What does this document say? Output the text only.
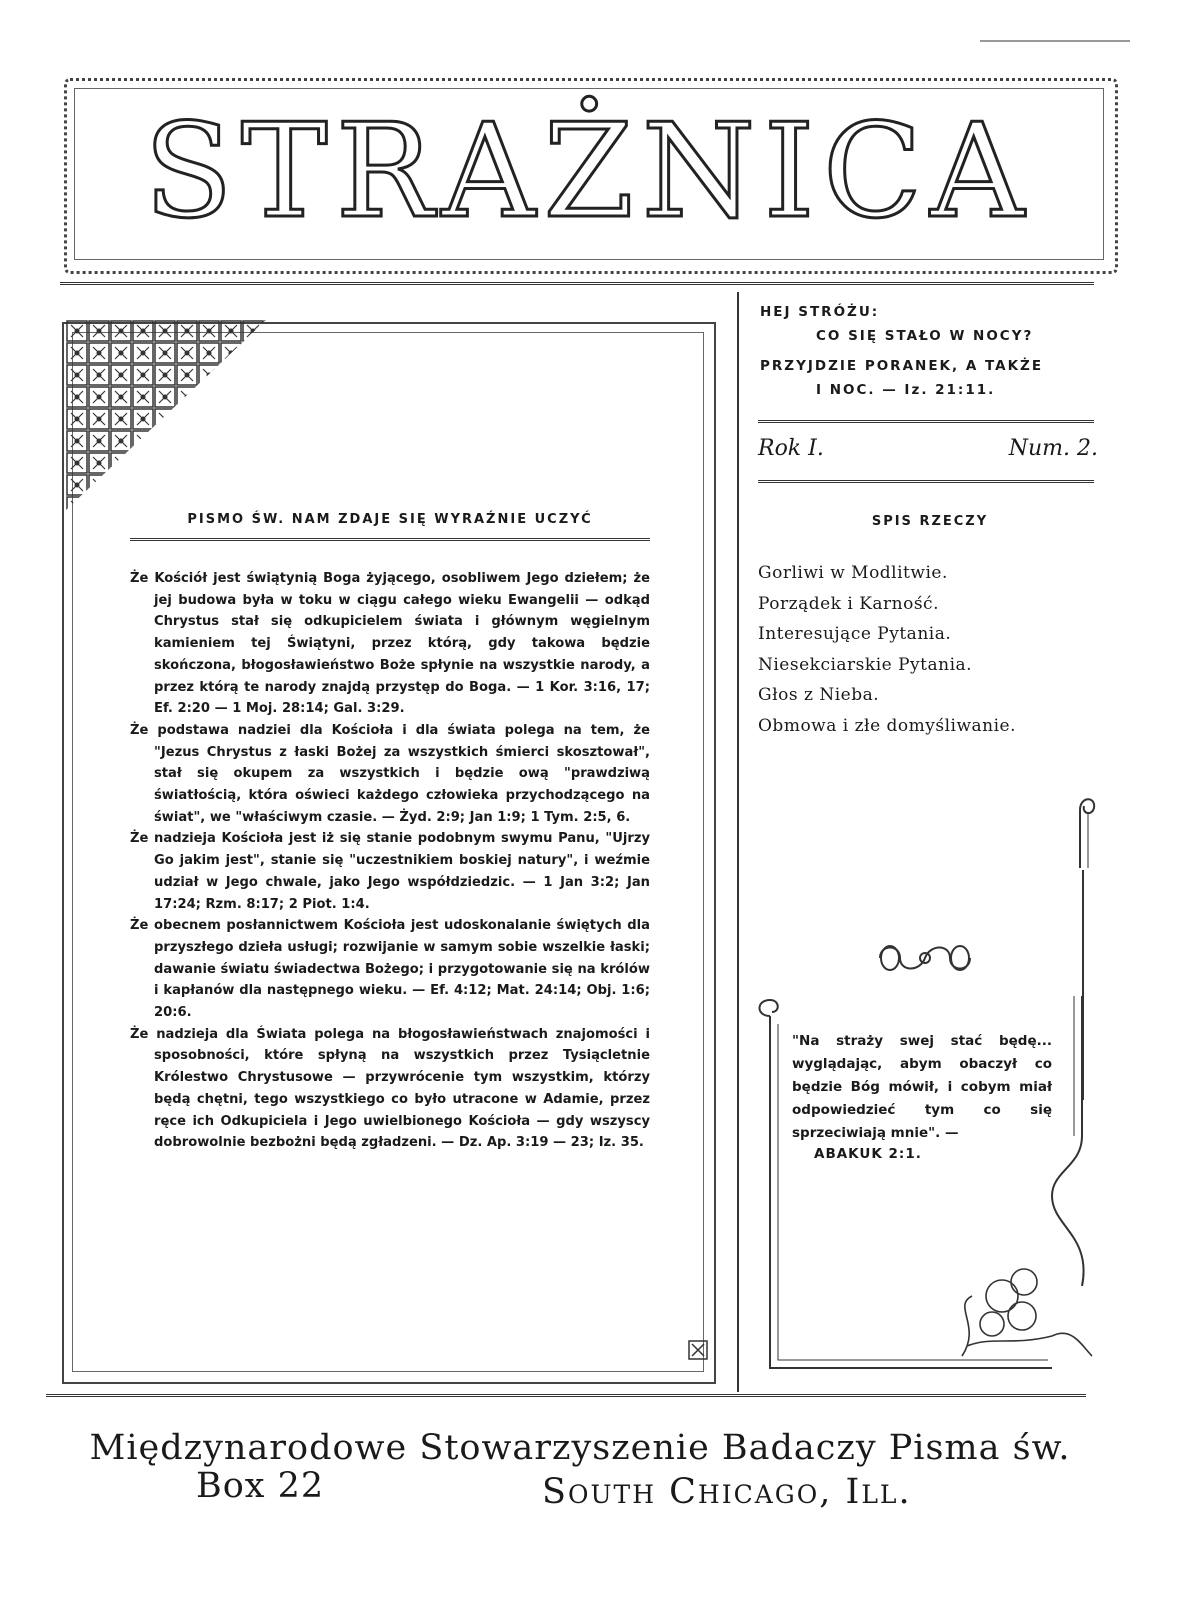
STRAŻNICA
PISMO ŚW. NAM ZDAJE SIĘ WYRAŹNIE UCZYĆ
Że Kościół jest świątynią Boga żyjącego, osobliwem Jego dziełem; że jej budowa była w toku w ciągu całego wieku Ewangelii — odkąd Chrystus stał się odkupicielem świata i głównym węgielnym kamieniem tej Świątyni, przez którą, gdy takowa będzie skończona, błogosławieństwo Boże spłynie na wszystkie narody, a przez którą te narody znajdą przystęp do Boga. — 1 Kor. 3:16, 17; Ef. 2:20 — 1 Moj. 28:14; Gal. 3:29.
Że podstawa nadziei dla Kościoła i dla świata polega na tem, że "Jezus Chrystus z łaski Bożej za wszystkich śmierci skosztował", stał się okupem za wszystkich i będzie ową "prawdziwą światłością, która oświeci każdego człowieka przychodzącego na świat", we "właściwym czasie. — Żyd. 2:9; Jan 1:9; 1 Tym. 2:5, 6.
Że nadzieja Kościoła jest iż się stanie podobnym swymu Panu, "Ujrzy Go jakim jest", stanie się "uczestnikiem boskiej natury", i weźmie udział w Jego chwale, jako Jego współdziedzic. — 1 Jan 3:2; Jan 17:24; Rzm. 8:17; 2 Piot. 1:4.
Że obecnem posłannictwem Kościoła jest udoskonalanie świętych dla przyszłego dzieła usługi; rozwijanie w samym sobie wszelkie łaski; dawanie światu świadectwa Bożego; i przygotowanie się na królów i kapłanów dla następnego wieku. — Ef. 4:12; Mat. 24:14; Obj. 1:6; 20:6.
Że nadzieja dla Świata polega na błogosławieństwach znajomości i sposobności, które spłyną na wszystkich przez Tysiącletnie Królestwo Chrystusowe — przywrócenie tym wszystkim, którzy będą chętni, tego wszystkiego co było utracone w Adamie, przez ręce ich Odkupiciela i Jego uwielbionego Kościoła — gdy wszyscy dobrowolnie bezbożni będą zgładzeni. — Dz. Ap. 3:19 — 23; Iz. 35.
HEJ STRÓŻU:
CO SIĘ STAŁO W NOCY?
PRZYJDZIE PORANEK, A TAKŻE
I NOC. — Iz. 21:11.
Rok I.	Num. 2.
SPIS RZECZY
Gorliwi w Modlitwie.
Porządek i Karność.
Interesujące Pytania.
Niesekciarskie Pytania.
Głos z Nieba.
Obmowa i złe domyśliwanie.
"Na straży swej stać będę... wyglądając, abym obaczył co będzie Bóg mówił, i cobym miał odpowiedzieć tym co się sprzeciwiają mnie". —
ABAKUK 2:1.
Międzynarodowe Stowarzyszenie Badaczy Pisma św.
Box 22	South Chicago, Ill.
